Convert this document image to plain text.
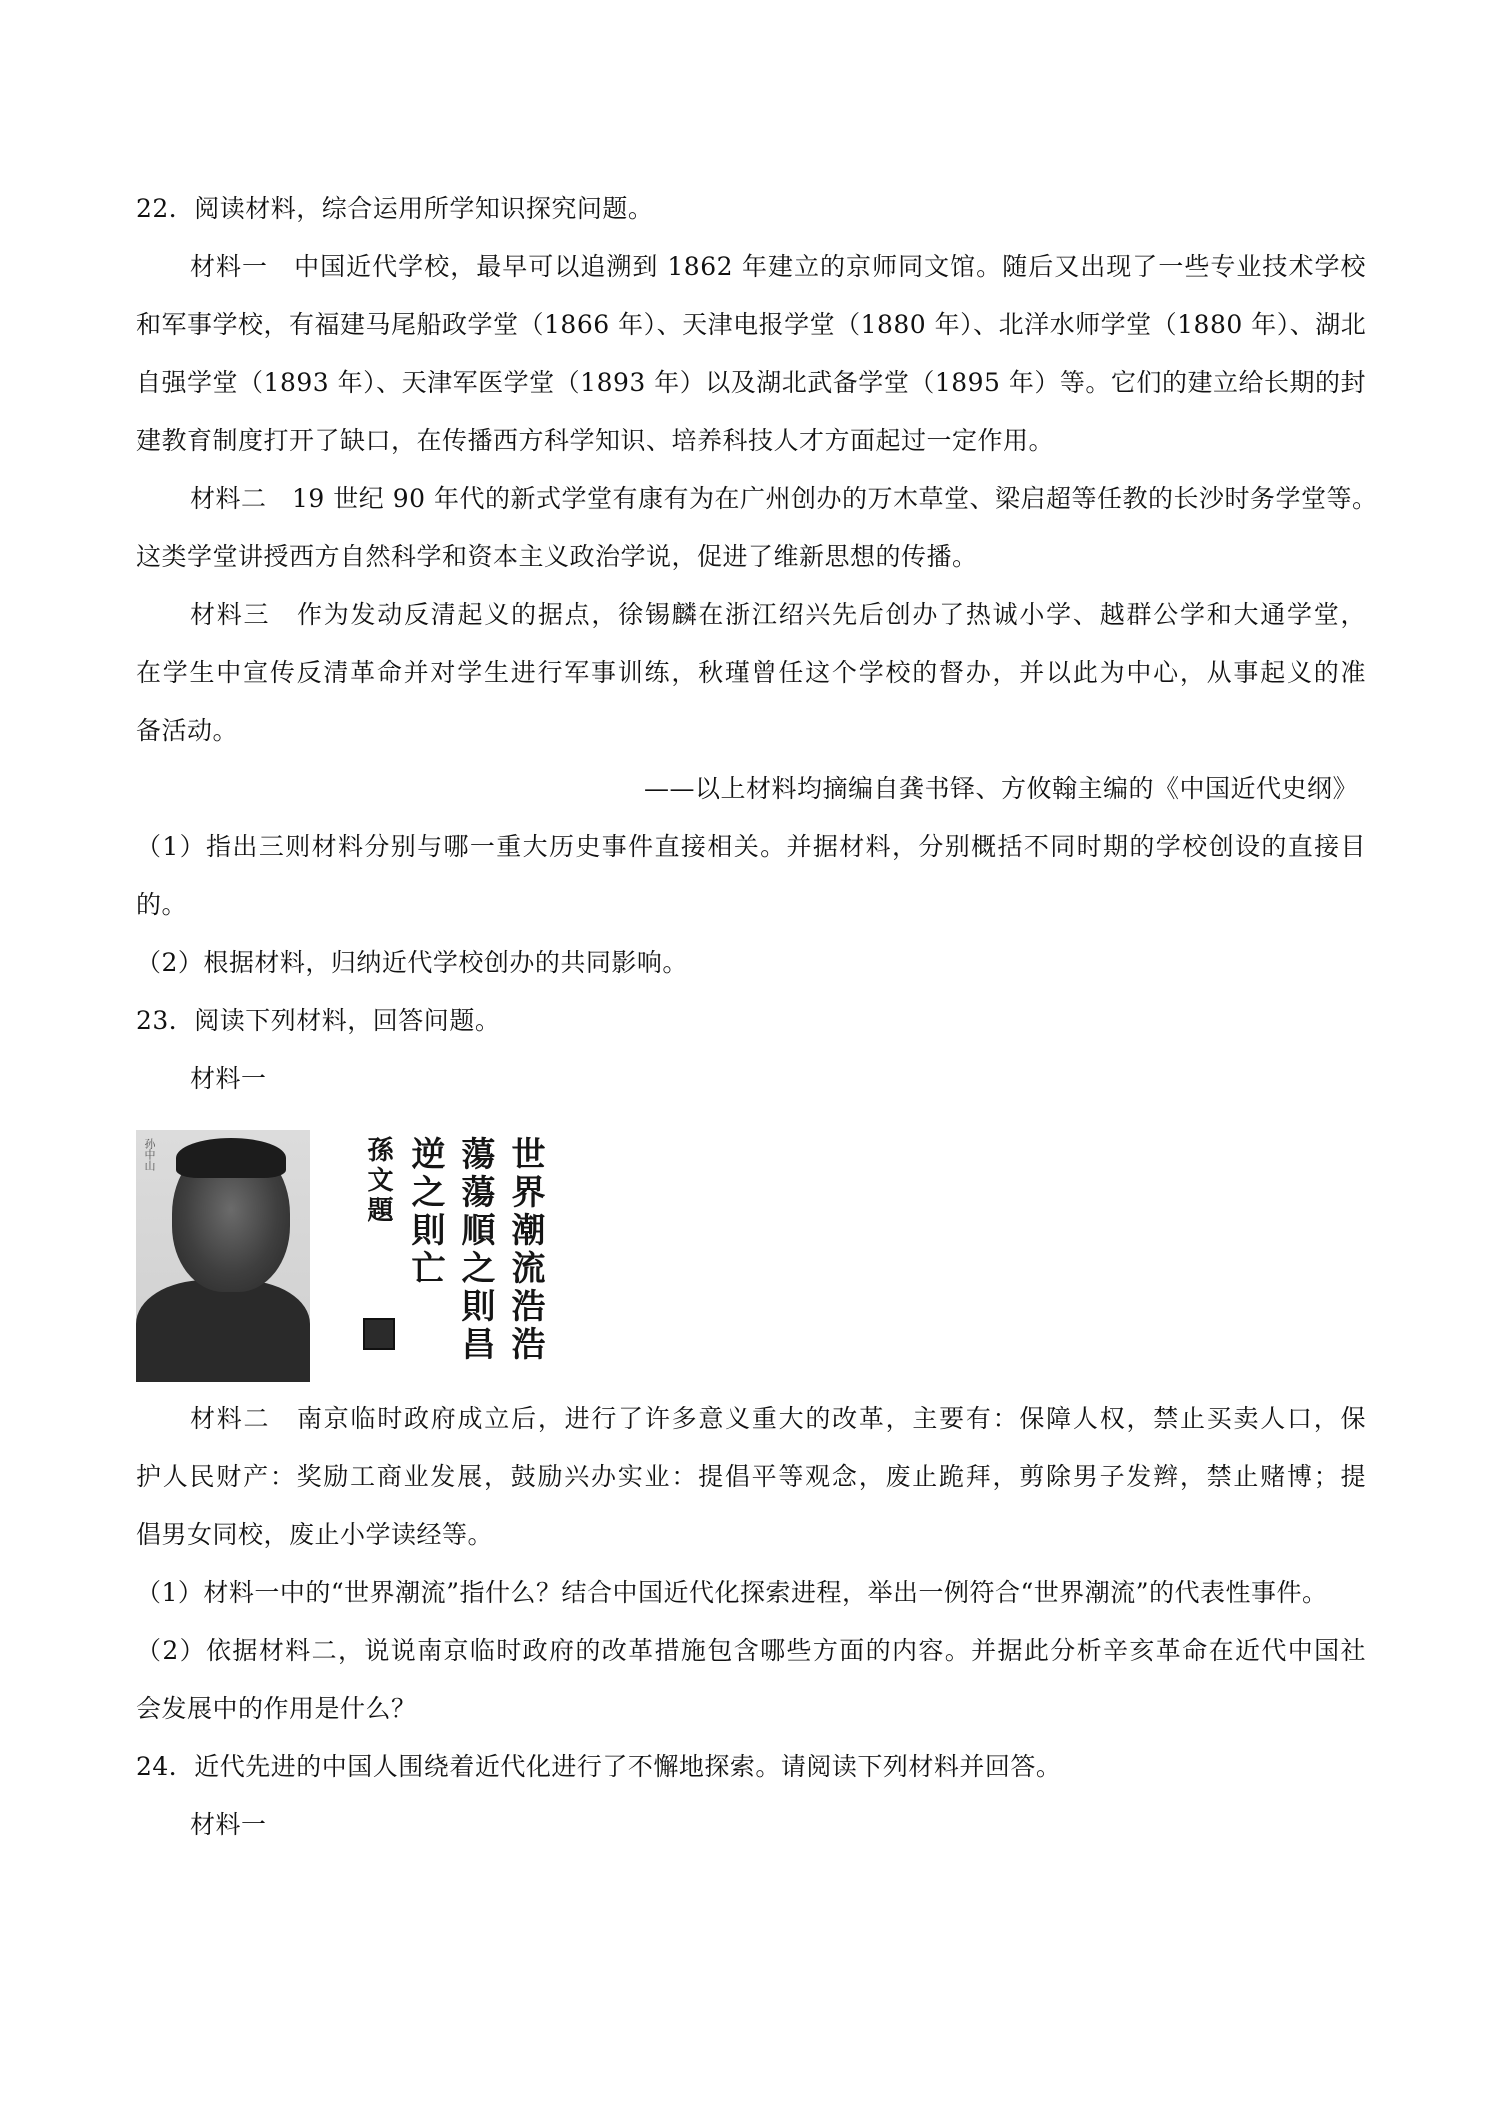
22．阅读材料，综合运用所学知识探究问题。
材料一　中国近代学校，最早可以追溯到 1862 年建立的京师同文馆。随后又出现了一些专业技术学校
和军事学校，有福建马尾船政学堂（1866 年）、天津电报学堂（1880 年）、北洋水师学堂（1880 年）、湖北
自强学堂（1893 年）、天津军医学堂（1893 年）以及湖北武备学堂（1895 年）等。它们的建立给长期的封
建教育制度打开了缺口，在传播西方科学知识、培养科技人才方面起过一定作用。
材料二　19 世纪 90 年代的新式学堂有康有为在广州创办的万木草堂、梁启超等任教的长沙时务学堂等。
这类学堂讲授西方自然科学和资本主义政治学说，促进了维新思想的传播。
材料三　作为发动反清起义的据点，徐锡麟在浙江绍兴先后创办了热诚小学、越群公学和大通学堂，
在学生中宣传反清革命并对学生进行军事训练，秋瑾曾任这个学校的督办，并以此为中心，从事起义的准
备活动。
——以上材料均摘编自龚书铎、方攸翰主编的《中国近代史纲》
（1）指出三则材料分别与哪一重大历史事件直接相关。并据材料，分别概括不同时期的学校创设的直接目
的。
（2）根据材料，归纳近代学校创办的共同影响。
23．阅读下列材料，回答问题。
材料一
孙中山	世界潮流浩浩
蕩蕩順之則昌
逆之則亡
孫文題
材料二　南京临时政府成立后，进行了许多意义重大的改革，主要有：保障人权，禁止买卖人口，保
护人民财产：奖励工商业发展，鼓励兴办实业：提倡平等观念，废止跪拜，剪除男子发辫，禁止赌博；提
倡男女同校，废止小学读经等。
（1）材料一中的“世界潮流”指什么？结合中国近代化探索进程，举出一例符合“世界潮流”的代表性事件。
（2）依据材料二，说说南京临时政府的改革措施包含哪些方面的内容。并据此分析辛亥革命在近代中国社
会发展中的作用是什么？
24．近代先进的中国人围绕着近代化进行了不懈地探索。请阅读下列材料并回答。
材料一
